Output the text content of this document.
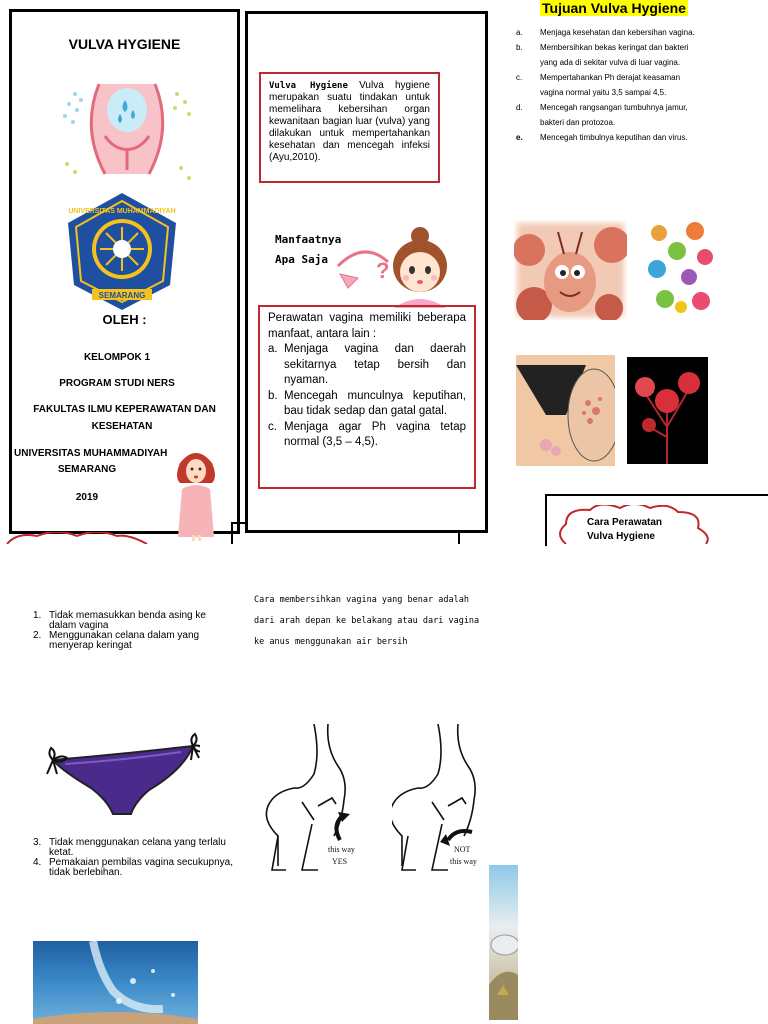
VULVA HYGIENE
UNIVERSITAS MUHAMMADIYAH
SEMARANG
OLEH :
KELOMPOK 1
PROGRAM STUDI NERS
FAKULTAS ILMU KEPERAWATAN DAN
KESEHATAN
UNIVERSITAS MUHAMMADIYAH
SEMARANG
2019
Vulva Hygiene Vulva hygiene merupakan suatu tindakan untuk memelihara kebersihan organ kewanitaan bagian luar (vulva) yang dilakukan untuk mempertahankan kesehatan dan mencegah infeksi (Ayu,2010).
Manfaatnya
Apa Saja ?
Perawatan vagina memiliki beberapa manfaat, antara lain :
a. Menjaga vagina dan daerah sekitarnya tetap bersih dan nyaman.
b. Mencegah munculnya keputihan, bau tidak sedap dan gatal gatal.
c. Menjaga agar Ph vagina tetap normal (3,5 – 4,5).
Tujuan Vulva Hygiene
a.	Menjaga kesehatan dan kebersihan vagina.
b.	Membersihkan bekas keringat dan bakteri
yang ada di sekitar vulva di luar vagina.
c.	Mempertahankan Ph derajat keasaman
vagina normal yaitu 3,5 sampai 4,5.
d.	Mencegah rangsangan tumbuhnya jamur,
bakteri dan protozoa.
e.	Mencegah timbulnya keputihan dan virus.
Cara Perawatan
Vulva Hygiene
1. Tidak memasukkan benda asing ke
dalam vagina
2. Menggunakan celana dalam yang
menyerap keringat
Cara membersihkan vagina yang benar adalah
dari arah depan ke belakang atau dari vagina
ke anus menggunakan air bersih
3. Tidak menggunakan celana yang terlalu
ketat.
4. Pemakaian pembilas vagina secukupnya,
tidak berlebihan.
this way
YES
NOT
this way
